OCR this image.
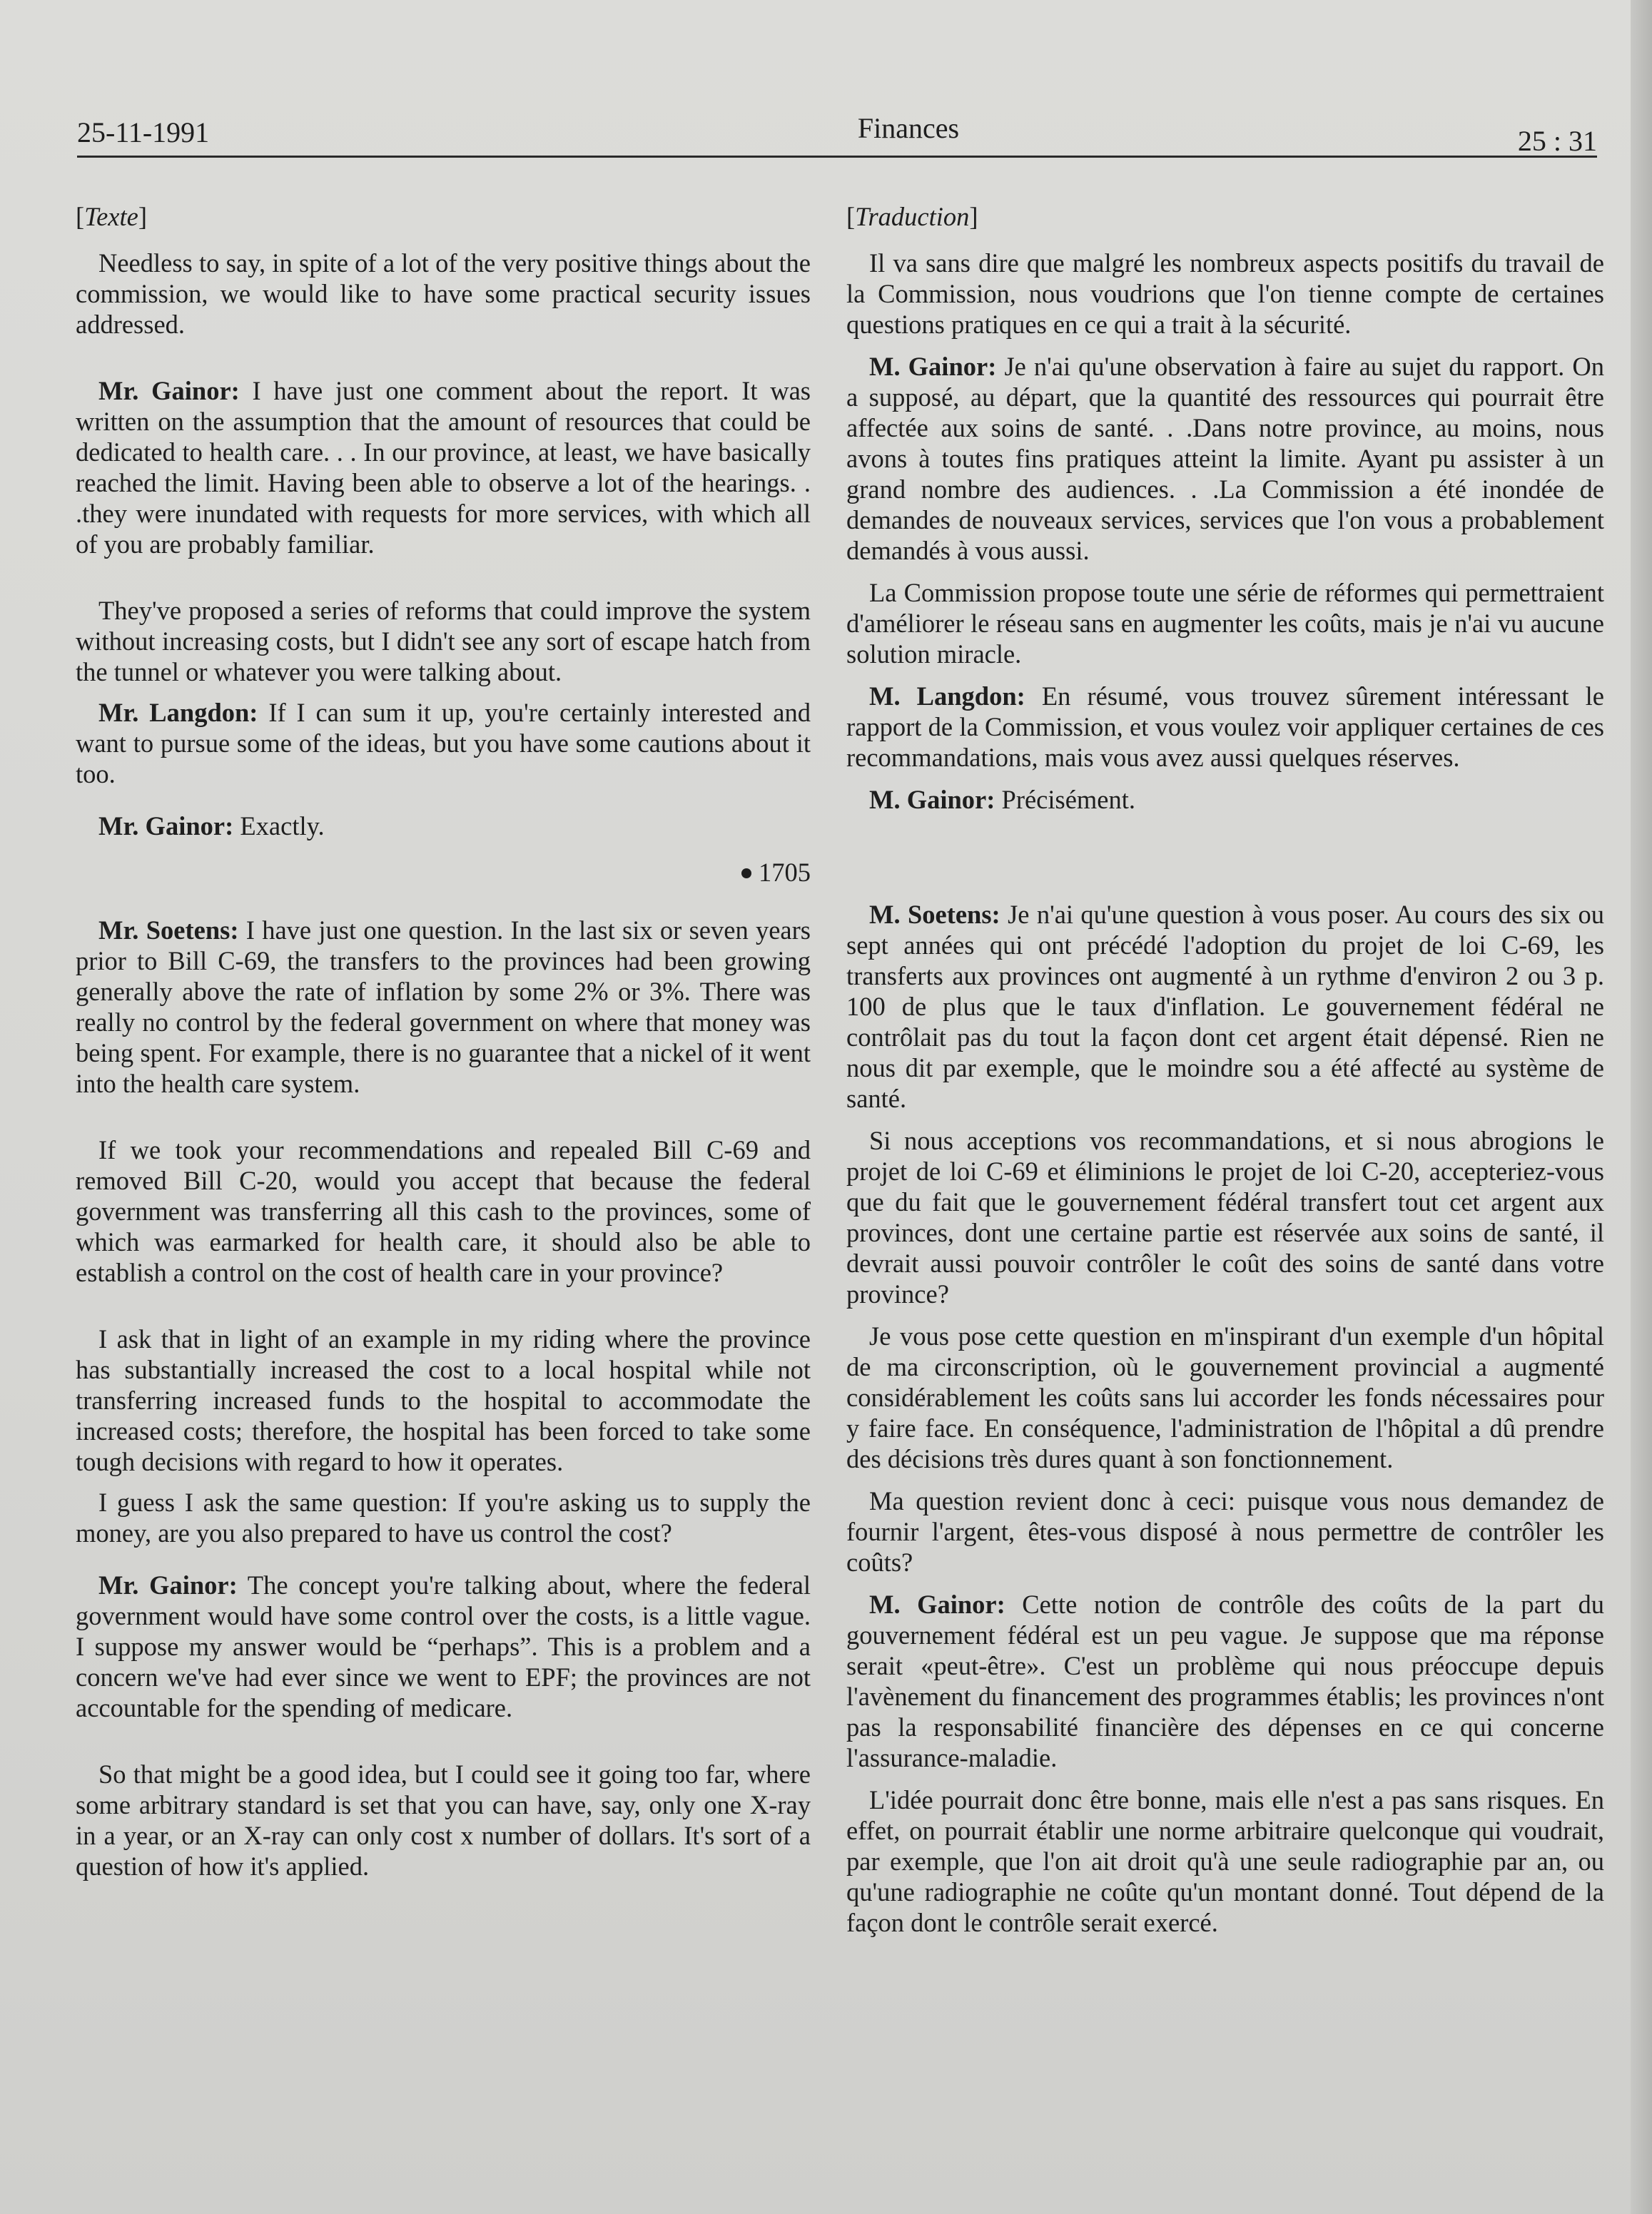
25-11-1991	Finances	25 : 31

[Texte]

Needless to say, in spite of a lot of the very positive things about the commission, we would like to have some practical security issues addressed.

Mr. Gainor: I have just one comment about the report. It was written on the assumption that the amount of resources that could be dedicated to health care. . . In our province, at least, we have basically reached the limit. Having been able to observe a lot of the hearings. . .they were inundated with requests for more services, with which all of you are probably familiar.

They've proposed a series of reforms that could improve the system without increasing costs, but I didn't see any sort of escape hatch from the tunnel or whatever you were talking about.

Mr. Langdon: If I can sum it up, you're certainly interested and want to pursue some of the ideas, but you have some cautions about it too.

Mr. Gainor: Exactly.

1705

Mr. Soetens: I have just one question. In the last six or seven years prior to Bill C-69, the transfers to the provinces had been growing generally above the rate of inflation by some 2% or 3%. There was really no control by the federal government on where that money was being spent. For example, there is no guarantee that a nickel of it went into the health care system.

If we took your recommendations and repealed Bill C-69 and removed Bill C-20, would you accept that because the federal government was transferring all this cash to the provinces, some of which was earmarked for health care, it should also be able to establish a control on the cost of health care in your province?

I ask that in light of an example in my riding where the province has substantially increased the cost to a local hospital while not transferring increased funds to the hospital to accommodate the increased costs; therefore, the hospital has been forced to take some tough decisions with regard to how it operates.

I guess I ask the same question: If you're asking us to supply the money, are you also prepared to have us control the cost?

Mr. Gainor: The concept you're talking about, where the federal government would have some control over the costs, is a little vague. I suppose my answer would be “perhaps”. This is a problem and a concern we've had ever since we went to EPF; the provinces are not accountable for the spending of medicare.

So that might be a good idea, but I could see it going too far, where some arbitrary standard is set that you can have, say, only one X-ray in a year, or an X-ray can only cost x number of dollars. It's sort of a question of how it's applied.

[Traduction]

Il va sans dire que malgré les nombreux aspects positifs du travail de la Commission, nous voudrions que l'on tienne compte de certaines questions pratiques en ce qui a trait à la sécurité.

M. Gainor: Je n'ai qu'une observation à faire au sujet du rapport. On a supposé, au départ, que la quantité des ressources qui pourrait être affectée aux soins de santé. . .Dans notre province, au moins, nous avons à toutes fins pratiques atteint la limite. Ayant pu assister à un grand nombre des audiences. . .La Commission a été inondée de demandes de nouveaux services, services que l'on vous a probablement demandés à vous aussi.

La Commission propose toute une série de réformes qui permettraient d'améliorer le réseau sans en augmenter les coûts, mais je n'ai vu aucune solution miracle.

M. Langdon: En résumé, vous trouvez sûrement intéressant le rapport de la Commission, et vous voulez voir appliquer certaines de ces recommandations, mais vous avez aussi quelques réserves.

M. Gainor: Précisément.

M. Soetens: Je n'ai qu'une question à vous poser. Au cours des six ou sept années qui ont précédé l'adoption du projet de loi C-69, les transferts aux provinces ont augmenté à un rythme d'environ 2 ou 3 p. 100 de plus que le taux d'inflation. Le gouvernement fédéral ne contrôlait pas du tout la façon dont cet argent était dépensé. Rien ne nous dit par exemple, que le moindre sou a été affecté au système de santé.

Si nous acceptions vos recommandations, et si nous abrogions le projet de loi C-69 et éliminions le projet de loi C-20, accepteriez-vous que du fait que le gouvernement fédéral transfert tout cet argent aux provinces, dont une certaine partie est réservée aux soins de santé, il devrait aussi pouvoir contrôler le coût des soins de santé dans votre province?

Je vous pose cette question en m'inspirant d'un exemple d'un hôpital de ma circonscription, où le gouvernement provincial a augmenté considérablement les coûts sans lui accorder les fonds nécessaires pour y faire face. En conséquence, l'administration de l'hôpital a dû prendre des décisions très dures quant à son fonctionnement.

Ma question revient donc à ceci: puisque vous nous demandez de fournir l'argent, êtes-vous disposé à nous permettre de contrôler les coûts?

M. Gainor: Cette notion de contrôle des coûts de la part du gouvernement fédéral est un peu vague. Je suppose que ma réponse serait «peut-être». C'est un problème qui nous préoccupe depuis l'avènement du financement des programmes établis; les provinces n'ont pas la responsabilité financière des dépenses en ce qui concerne l'assurance-maladie.

L'idée pourrait donc être bonne, mais elle n'est a pas sans risques. En effet, on pourrait établir une norme arbitraire quelconque qui voudrait, par exemple, que l'on ait droit qu'à une seule radiographie par an, ou qu'une radiographie ne coûte qu'un montant donné. Tout dépend de la façon dont le contrôle serait exercé.
